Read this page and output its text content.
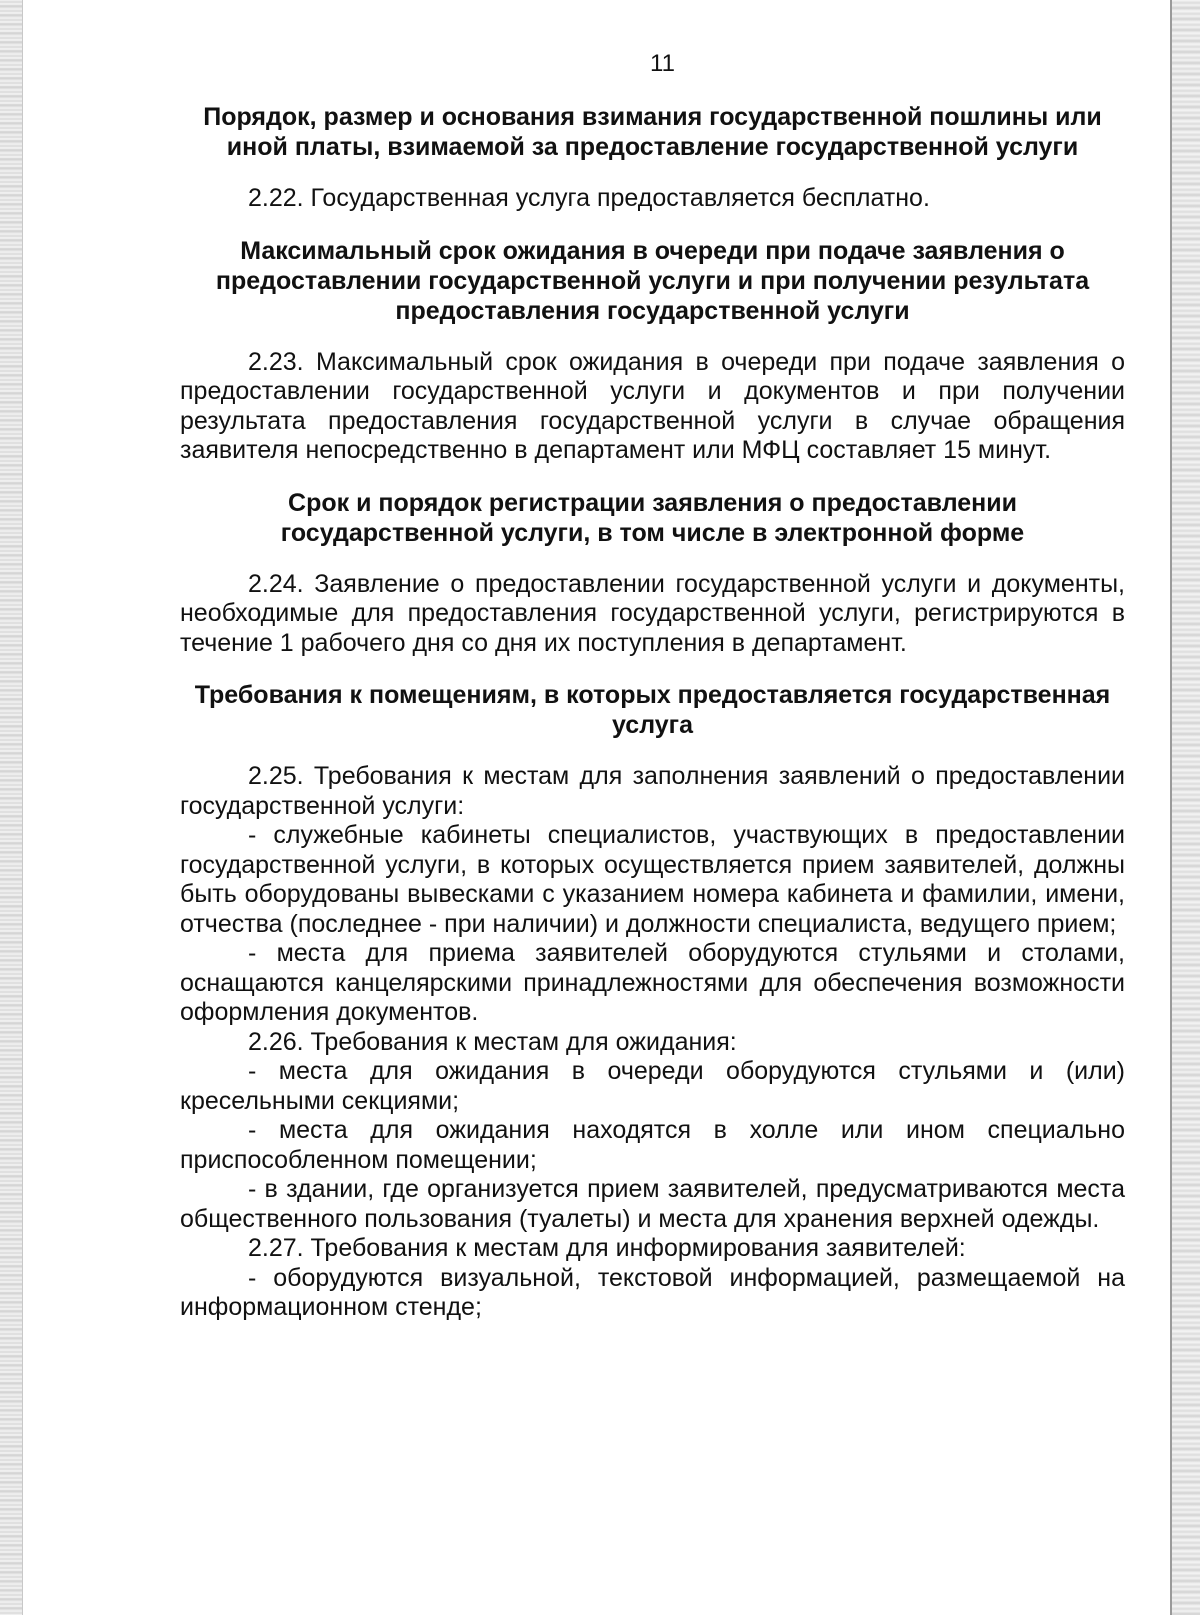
11

Порядок, размер и основания взимания государственной пошлины или иной платы, взимаемой за предоставление государственной услуги

2.22. Государственная услуга предоставляется бесплатно.

Максимальный срок ожидания в очереди при подаче заявления о предоставлении государственной услуги и при получении результата предоставления государственной услуги

2.23. Максимальный срок ожидания в очереди при подаче заявления о предоставлении государственной услуги и документов и при получении результата предоставления государственной услуги в случае обращения заявителя непосредственно в департамент или МФЦ составляет 15 минут.

Срок и порядок регистрации заявления о предоставлении государственной услуги, в том числе в электронной форме

2.24. Заявление о предоставлении государственной услуги и документы, необходимые для предоставления государственной услуги, регистрируются в течение 1 рабочего дня со дня их поступления в департамент.

Требования к помещениям, в которых предоставляется государственная услуга

2.25. Требования к местам для заполнения заявлений о предоставлении государственной услуги:

- служебные кабинеты специалистов, участвующих в предоставлении государственной услуги, в которых осуществляется прием заявителей, должны быть оборудованы вывесками с указанием номера кабинета и фамилии, имени, отчества (последнее - при наличии) и должности специалиста, ведущего прием;

- места для приема заявителей оборудуются стульями и столами, оснащаются канцелярскими принадлежностями для обеспечения возможности оформления документов.

2.26. Требования к местам для ожидания:

- места для ожидания в очереди оборудуются стульями и (или) кресельными секциями;

- места для ожидания находятся в холле или ином специально приспособленном помещении;

- в здании, где организуется прием заявителей, предусматриваются места общественного пользования (туалеты) и места для хранения верхней одежды.

2.27. Требования к местам для информирования заявителей:

- оборудуются визуальной, текстовой информацией, размещаемой на информационном стенде;
